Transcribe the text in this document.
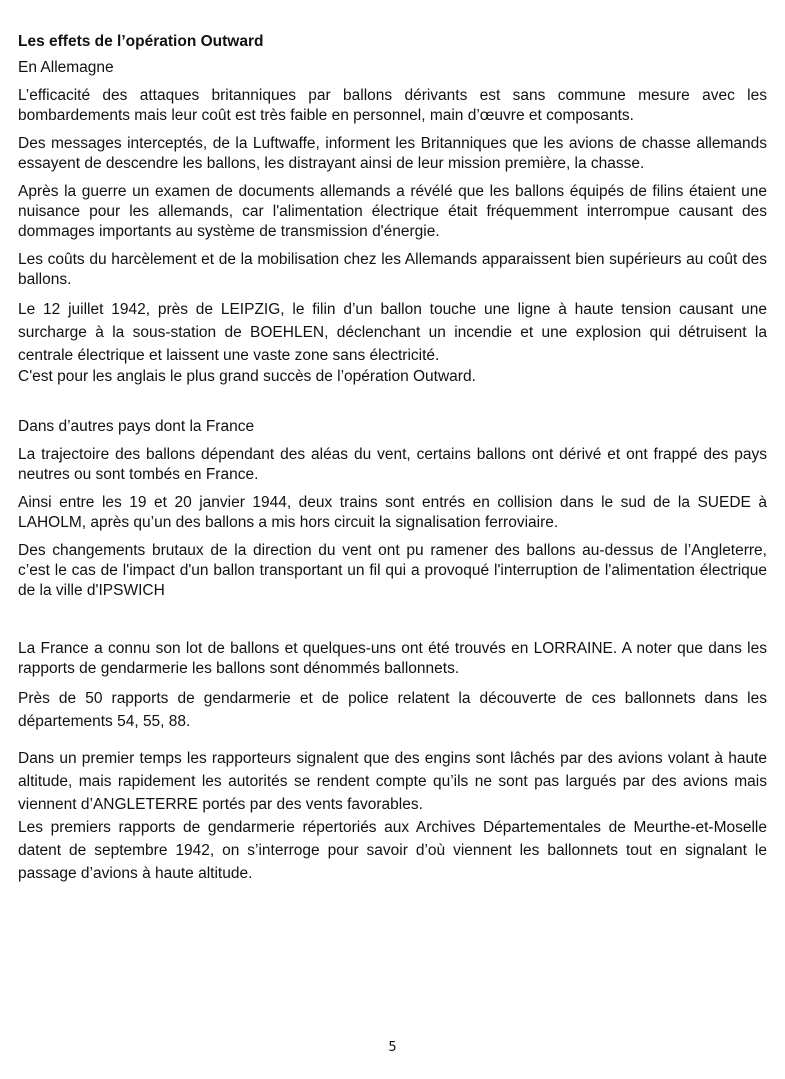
Les effets de l’opération Outward
En Allemagne

L’efficacité des attaques britanniques par ballons dérivants est sans commune mesure avec les bombardements mais leur coût est très faible en personnel, main d’œuvre et composants.

Des messages interceptés, de la Luftwaffe, informent les Britanniques que les avions de chasse allemands essayent de descendre les ballons, les distrayant ainsi de leur mission première, la chasse.

Après la guerre un examen de documents allemands a révélé que les ballons équipés de filins étaient une nuisance pour les allemands, car l'alimentation électrique était fréquemment interrompue causant des dommages importants au système de transmission d'énergie.

Les coûts du harcèlement et de la mobilisation chez les Allemands apparaissent bien supérieurs au coût des ballons.

Le 12 juillet 1942, près de LEIPZIG, le filin d’un ballon touche une ligne à haute tension causant une surcharge à la sous-station de BOEHLEN, déclenchant un incendie et une explosion qui détruisent la centrale électrique et laissent une vaste zone sans électricité.

C'est pour les anglais le plus grand succès de l’opération Outward.

Dans d’autres pays dont la France

La trajectoire des ballons dépendant des aléas du vent, certains ballons ont dérivé et ont frappé des pays neutres ou sont tombés en France.

Ainsi entre les 19 et 20 janvier 1944, deux trains sont entrés en collision dans le sud de la SUEDE à LAHOLM, après qu’un des ballons a mis hors circuit la signalisation ferroviaire.

Des changements brutaux de la direction du vent ont pu ramener des ballons au-dessus de l’Angleterre, c’est le cas de l'impact d'un ballon transportant un fil qui a provoqué l'interruption de l'alimentation électrique de la ville d'IPSWICH

La France a connu son lot de ballons et quelques-uns ont été trouvés en LORRAINE. A noter que dans les rapports de gendarmerie les ballons sont dénommés ballonnets.

Près de 50 rapports de gendarmerie et de police relatent la découverte de ces ballonnets dans les départements 54, 55, 88.

Dans un premier temps les rapporteurs signalent que des engins sont lâchés par des avions volant à haute altitude, mais rapidement les autorités se rendent compte qu’ils ne sont pas largués par des avions mais viennent d’ANGLETERRE portés par des vents favorables.

Les premiers rapports de gendarmerie répertoriés aux Archives Départementales de Meurthe-et-Moselle datent de septembre 1942, on s’interroge pour savoir d’où viennent les ballonnets tout en signalant le passage d’avions à haute altitude.

5
